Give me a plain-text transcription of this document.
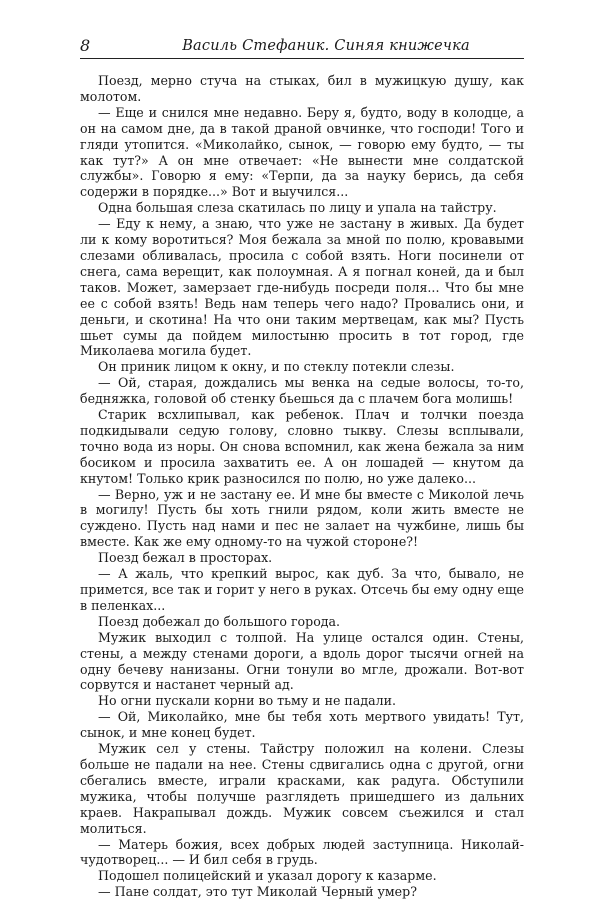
8	Василь Стефаник. Синяя книжечка

Поезд, мерно стуча на стыках, бил в мужицкую душу, как молотом.

— Еще и снился мне недавно. Беру я, будто, воду в колодце, а он на самом дне, да в такой драной овчинке, что господи! Того и гляди утопится. «Миколайко, сынок, — говорю ему будто, — ты как тут?» А он мне отвечает: «Не вынести мне солдатской службы». Говорю я ему: «Терпи, да за науку берись, да себя содержи в порядке...» Вот и выучился...

Одна большая слеза скатилась по лицу и упала на тайстру.

— Еду к нему, а знаю, что уже не застану в живых. Да будет ли к кому воротиться? Моя бежала за мной по полю, кровавыми слезами обливалась, просила с собой взять. Ноги посинели от снега, сама верещит, как полоумная. А я погнал коней, да и был таков. Может, замерзает где-нибудь посреди поля... Что бы мне ее с собой взять! Ведь нам теперь чего надо? Провались они, и деньги, и скотина! На что они таким мертвецам, как мы? Пусть шьет сумы да пойдем милостыню просить в тот город, где Миколаева могила будет.

Он приник лицом к окну, и по стеклу потекли слезы.

— Ой, старая, дождались мы венка на седые волосы, то-то, бедняжка, головой об стенку бьешься да с плачем бога молишь!

Старик всхлипывал, как ребенок. Плач и толчки поезда подкидывали седую голову, словно тыкву. Слезы всплывали, точно вода из норы. Он снова вспомнил, как жена бежала за ним босиком и просила захватить ее. А он лошадей — кнутом да кнутом! Только крик разносился по полю, но уже далеко...

— Верно, уж и не застану ее. И мне бы вместе с Миколой лечь в могилу! Пусть бы хоть гнили рядом, коли жить вместе не суждено. Пусть над нами и пес не залает на чужбине, лишь бы вместе. Как же ему одному-то на чужой стороне?!

Поезд бежал в просторах.

— А жаль, что крепкий вырос, как дуб. За что, бывало, не примется, все так и горит у него в руках. Отсечь бы ему одну еще в пеленках...

Поезд добежал до большого города.

Мужик выходил с толпой. На улице остался один. Стены, стены, а между стенами дороги, а вдоль дорог тысячи огней на одну бечеву нанизаны. Огни тонули во мгле, дрожали. Вот-вот сорвутся и настанет черный ад.

Но огни пускали корни во тьму и не падали.

— Ой, Миколайко, мне бы тебя хоть мертвого увидать! Тут, сынок, и мне конец будет.

Мужик сел у стены. Тайстру положил на колени. Слезы больше не падали на нее. Стены сдвигались одна с другой, огни сбегались вместе, играли красками, как радуга. Обступили мужика, чтобы получше разглядеть пришедшего из дальних краев. Накрапывал дождь. Мужик совсем съежился и стал молиться.

— Матерь божия, всех добрых людей заступница. Николай-чудотворец... — И бил себя в грудь.

Подошел полицейский и указал дорогу к казарме.

— Пане солдат, это тут Миколай Черный умер?
